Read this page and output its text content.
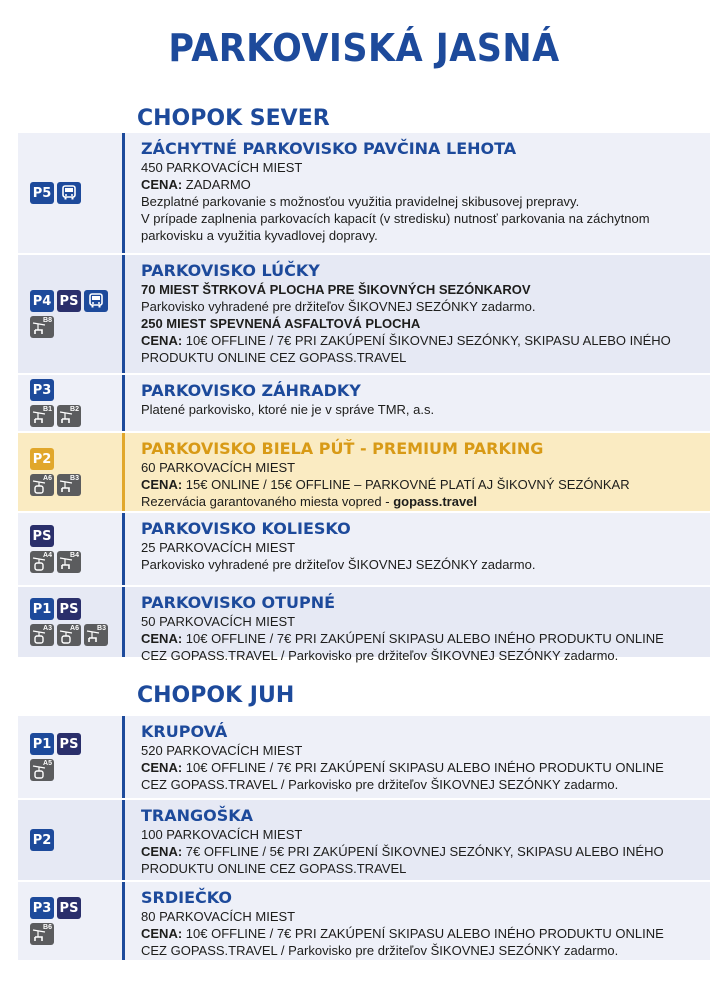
PARKOVISKÁ JASNÁ
CHOPOK SEVER
P5
ZÁCHYTNÉ PARKOVISKO PAVČINA LEHOTA
450 PARKOVACÍCH MIEST
CENA: ZADARMO
Bezplatné parkovanie s možnosťou využitia pravidelnej skibusovej prepravy.
V prípade zaplnenia parkovacích kapacít (v stredisku) nutnosť parkovania na záchytnom
parkovisku a využitia kyvadlovej dopravy.
P4 PS
B8
PARKOVISKO LÚČKY
70 MIEST ŠTRKOVÁ PLOCHA PRE ŠIKOVNÝCH SEZÓNKAROV
Parkovisko vyhradené pre držiteľov ŠIKOVNEJ SEZÓNKY zadarmo.
250 MIEST SPEVNENÁ ASFALTOVÁ PLOCHA
CENA: 10€ OFFLINE / 7€ PRI ZAKÚPENÍ ŠIKOVNEJ SEZÓNKY, SKIPASU ALEBO INÉHO
PRODUKTU ONLINE CEZ GOPASS.TRAVEL
P3
B1	B2
PARKOVISKO ZÁHRADKY
Platené parkovisko, ktoré nie je v správe TMR, a.s.
P2
A6	B3
PARKOVISKO BIELA PÚŤ - PREMIUM PARKING
60 PARKOVACÍCH MIEST
CENA: 15€ ONLINE / 15€ OFFLINE – PARKOVNÉ PLATÍ AJ ŠIKOVNÝ SEZÓNKAR
Rezervácia garantovaného miesta vopred - gopass.travel
PS
A4	B4
PARKOVISKO KOLIESKO
25 PARKOVACÍCH MIEST
Parkovisko vyhradené pre držiteľov ŠIKOVNEJ SEZÓNKY zadarmo.
P1 PS
A3	A6	B3
PARKOVISKO OTUPNÉ
50 PARKOVACÍCH MIEST
CENA: 10€ OFFLINE / 7€ PRI ZAKÚPENÍ SKIPASU ALEBO INÉHO PRODUKTU ONLINE
CEZ GOPASS.TRAVEL / Parkovisko pre držiteľov ŠIKOVNEJ SEZÓNKY zadarmo.
CHOPOK JUH
P1 PS
A5
KRUPOVÁ
520 PARKOVACÍCH MIEST
CENA: 10€ OFFLINE / 7€ PRI ZAKÚPENÍ SKIPASU ALEBO INÉHO PRODUKTU ONLINE
CEZ GOPASS.TRAVEL / Parkovisko pre držiteľov ŠIKOVNEJ SEZÓNKY zadarmo.
P2
TRANGOŠKA
100 PARKOVACÍCH MIEST
CENA: 7€ OFFLINE / 5€ PRI ZAKÚPENÍ ŠIKOVNEJ SEZÓNKY, SKIPASU ALEBO INÉHO
PRODUKTU ONLINE CEZ GOPASS.TRAVEL
P3 PS
B6
SRDIEČKO
80 PARKOVACÍCH MIEST
CENA: 10€ OFFLINE / 7€ PRI ZAKÚPENÍ SKIPASU ALEBO INÉHO PRODUKTU ONLINE
CEZ GOPASS.TRAVEL / Parkovisko pre držiteľov ŠIKOVNEJ SEZÓNKY zadarmo.
